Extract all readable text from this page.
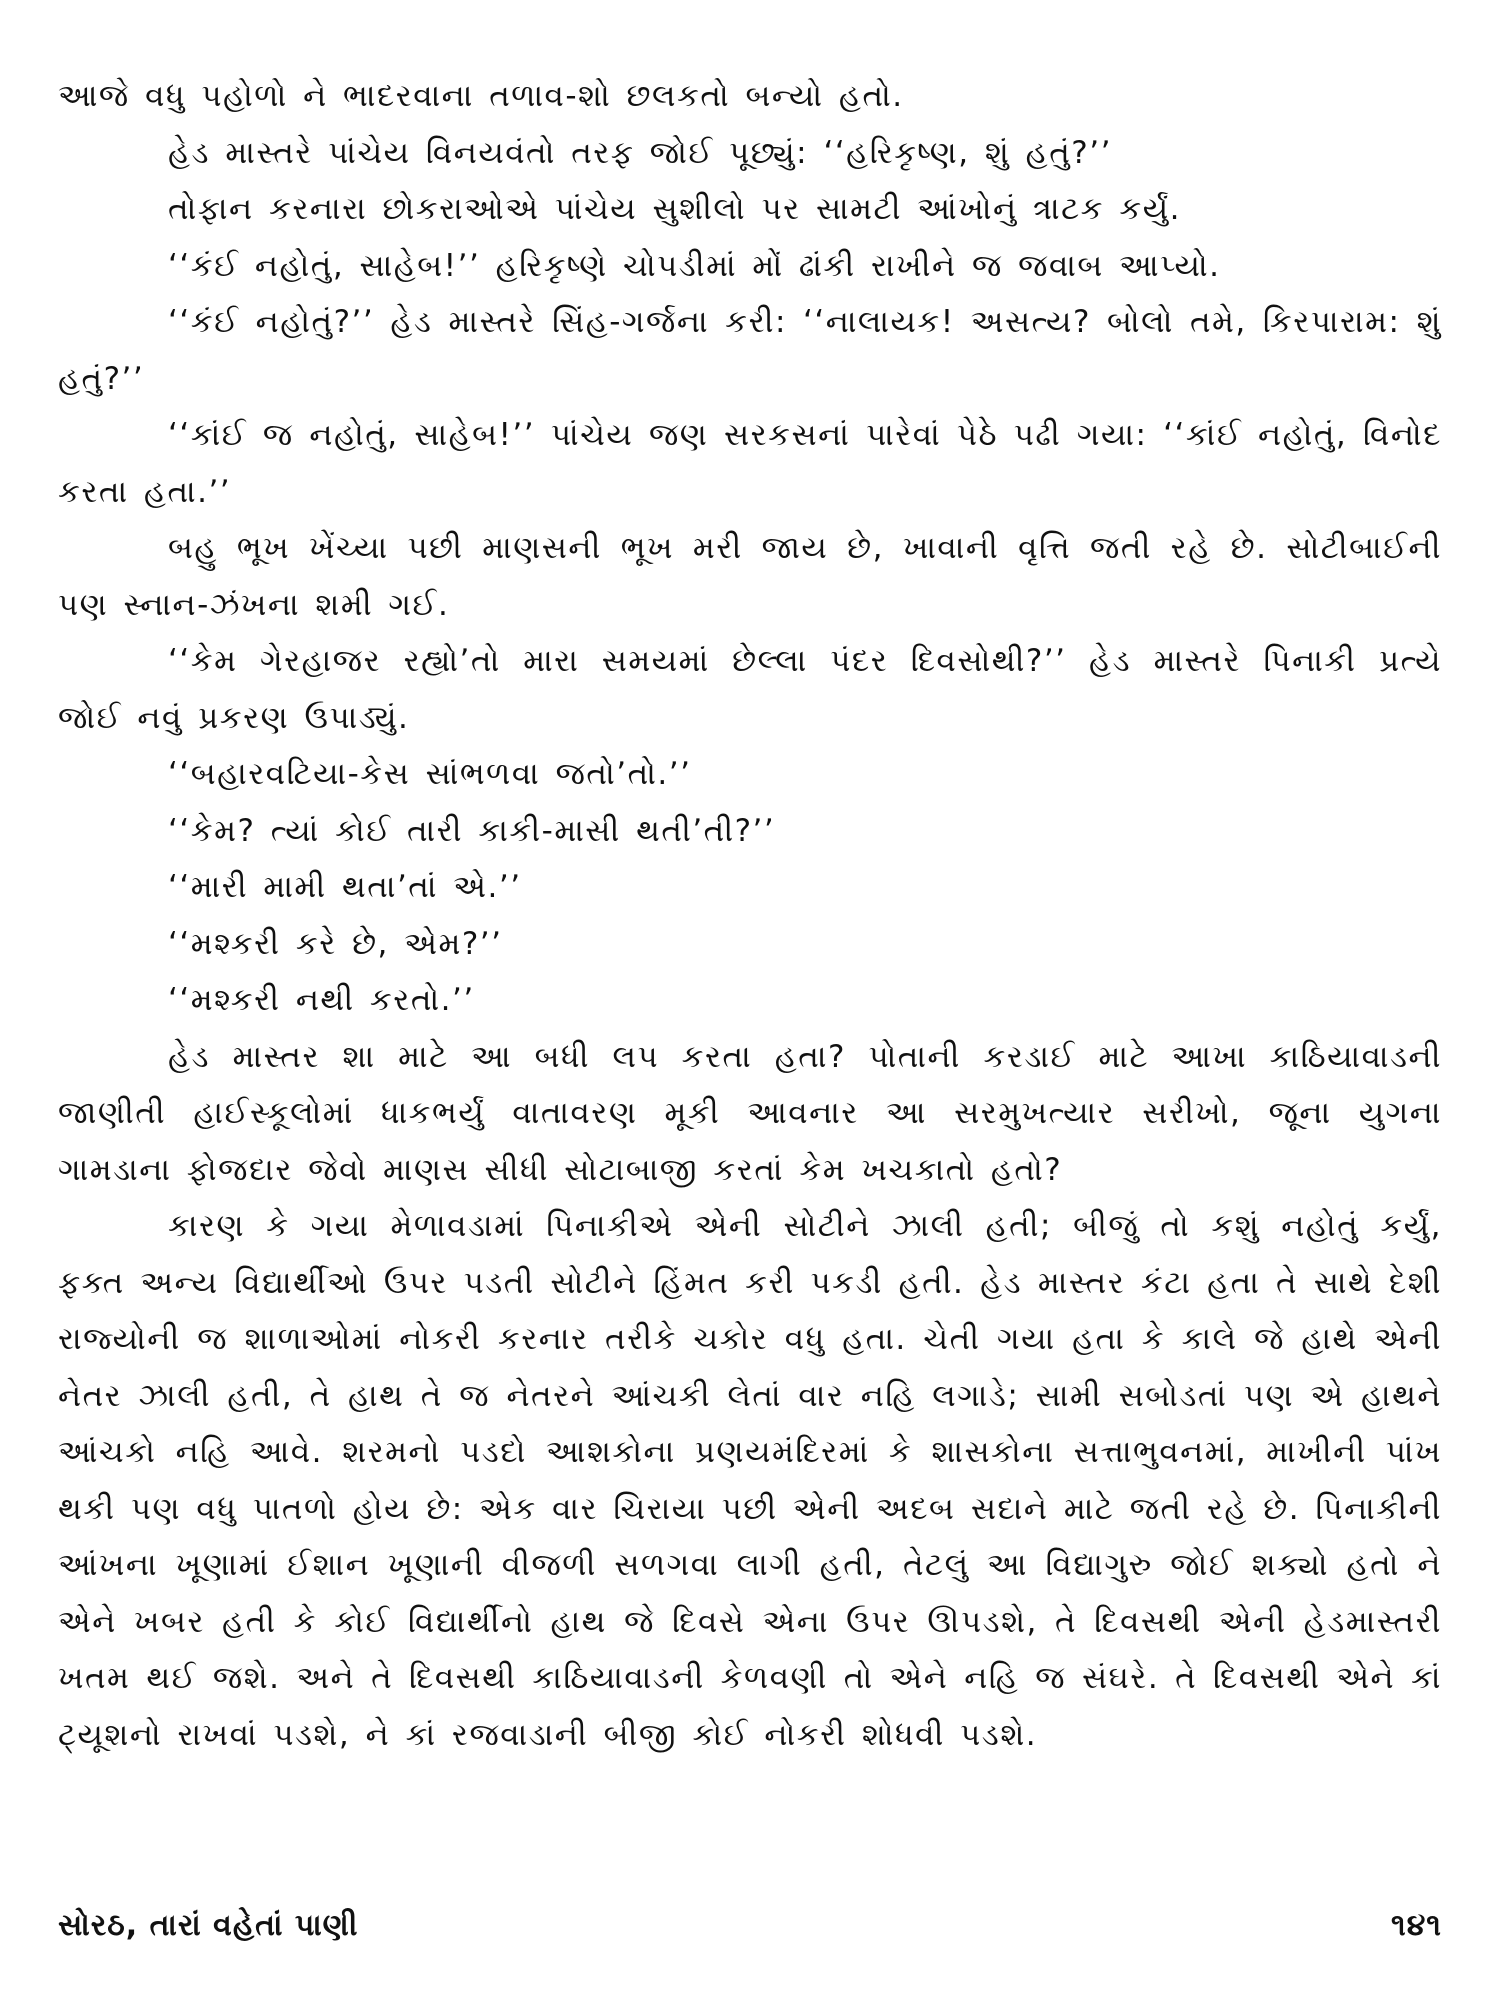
આજે વધુ પહોળો ને ભાદરવાના તળાવ-શો છલકતો બન્યો હતો.

હેડ માસ્તરે પાંચેય વિનયવંતો તરફ જોઈ પૂછ્યું: ‘‘હરિકૃષ્ણ, શું હતું?’’

તોફાન કરનારા છોકરાઓએ પાંચેય સુશીલો પર સામટી આંખોનું ત્રાટક કર્યું.

‘‘કંઈ નહોતું, સાહેબ!’’ હરિકૃષ્ણે ચોપડીમાં મોં ઢાંકી રાખીને જ જવાબ આપ્યો.

‘‘કંઈ નહોતું?’’ હેડ માસ્તરે સિંહ-ગર્જના કરી: ‘‘નાલાયક! અસત્ય? બોલો તમે, કિરપારામ: શું હતું?’’

‘‘કાંઈ જ નહોતું, સાહેબ!’’ પાંચેય જણ સરકસનાં પારેવાં પેઠે પઢી ગયા: ‘‘કાંઈ નહોતું, વિનોદ કરતા હતા.’’

બહુ ભૂખ ખેંચ્યા પછી માણસની ભૂખ મરી જાય છે, ખાવાની વૃત્તિ જતી રહે છે. સોટીબાઈની પણ સ્નાન-ઝંખના શમી ગઈ.

‘‘કેમ ગેરહાજર રહ્યો’તો મારા સમયમાં છેલ્લા પંદર દિવસોથી?’’ હેડ માસ્તરે પિનાકી પ્રત્યે જોઈ નવું પ્રકરણ ઉપાડ્યું.

‘‘બહારવટિયા-કેસ સાંભળવા જતો’તો.’’

‘‘કેમ? ત્યાં કોઈ તારી કાકી-માસી થતી’તી?’’

‘‘મારી મામી થતા’તાં એ.’’

‘‘મશ્કરી કરે છે, એમ?’’

‘‘મશ્કરી નથી કરતો.’’

હેડ માસ્તર શા માટે આ બધી લપ કરતા હતા? પોતાની કરડાઈ માટે આખા કાઠિયાવાડની જાણીતી હાઈસ્કૂલોમાં ધાકભર્યું વાતાવરણ મૂકી આવનાર આ સરમુખત્યાર સરીખો, જૂના યુગના ગામડાના ફોજદાર જેવો માણસ સીધી સોટાબાજી કરતાં કેમ ખચકાતો હતો?

કારણ કે ગયા મેળાવડામાં પિનાકીએ એની સોટીને ઝાલી હતી; બીજું તો કશું નહોતું કર્યું, ફક્ત અન્ય વિદ્યાર્થીઓ ઉપર પડતી સોટીને હિંમત કરી પકડી હતી. હેડ માસ્તર કંટા હતા તે સાથે દેશી રાજ્યોની જ શાળાઓમાં નોકરી કરનાર તરીકે ચકોર વધુ હતા. ચેતી ગયા હતા કે કાલે જે હાથે એની નેતર ઝાલી હતી, તે હાથ તે જ નેતરને આંચકી લેતાં વાર નહિ લગાડે; સામી સબોડતાં પણ એ હાથને આંચકો નહિ આવે. શરમનો પડદો આશકોના પ્રણયમંદિરમાં કે શાસકોના સત્તાભુવનમાં, માખીની પાંખ થકી પણ વધુ પાતળો હોય છે: એક વાર ચિરાયા પછી એની અદબ સદાને માટે જતી રહે છે. પિનાકીની આંખના ખૂણામાં ઈશાન ખૂણાની વીજળી સળગવા લાગી હતી, તેટલું આ વિદ્યાગુરુ જોઈ શક્યો હતો ને એને ખબર હતી કે કોઈ વિદ્યાર્થીનો હાથ જે દિવસે એના ઉપર ઊપડશે, તે દિવસથી એની હેડમાસ્તરી ખતમ થઈ જશે. અને તે દિવસથી કાઠિયાવાડની કેળવણી તો એને નહિ જ સંઘરે. તે દિવસથી એને કાં ટ્યૂશનો રાખવાં પડશે, ને કાં રજવાડાની બીજી કોઈ નોકરી શોધવી પડશે.

સોરઠ, તારાં વહેતાં પાણી	૧૪૧
